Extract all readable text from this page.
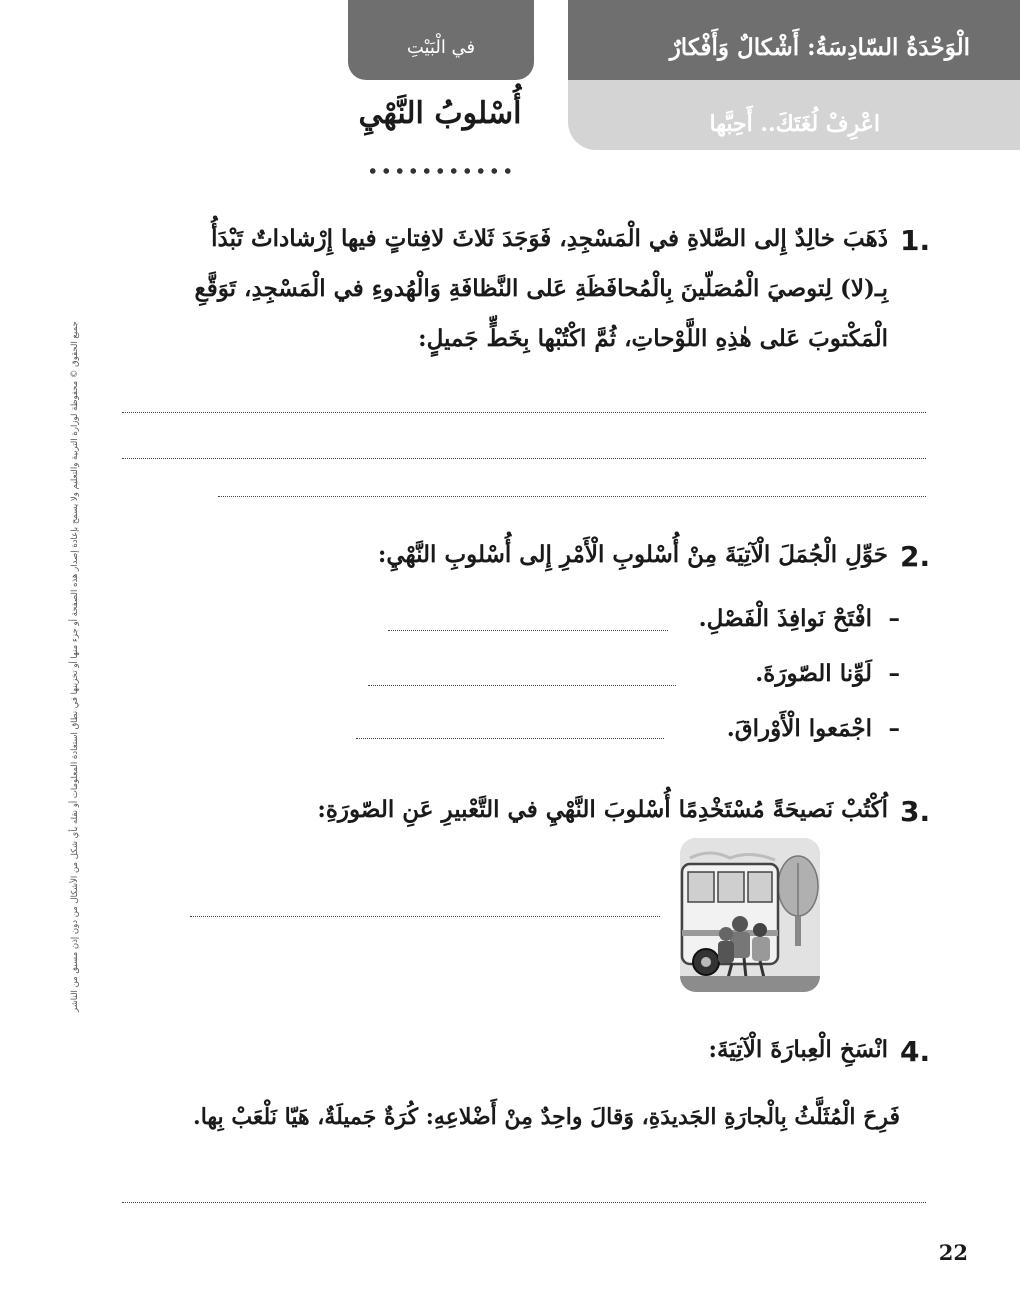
في الْبَيْتِ	الْوَحْدَةُ السّادِسَةُ: أَشْكالٌ وَأَفْكارٌ
اعْرِفْ لُغَتَكَ.. أَحِبَّها
أُسْلوبُ النَّهْيِ
1.
ذَهَبَ خالِدٌ إِلى الصَّلاةِ في الْمَسْجِدِ، فَوَجَدَ ثَلاثَ لافِتاتٍ فيها إِرْشاداتٌ تَبْدَأُ
بِـ(لا) لِتوصيَ الْمُصَلّينَ بِالْمُحافَظَةِ عَلى النَّظافَةِ وَالْهُدوءِ في الْمَسْجِدِ، تَوَقَّعِ
الْمَكْتوبَ عَلى هٰذِهِ اللَّوْحاتِ، ثُمَّ اكْتُبْها بِخَطٍّ جَميلٍ:
2.
حَوِّلِ الْجُمَلَ الْآتِيَةَ مِنْ أُسْلوبِ الْأَمْرِ إِلى أُسْلوبِ النَّهْيِ:
–افْتَحْ نَوافِذَ الْفَصْلِ.
–لَوِّنا الصّورَةَ.
–اجْمَعوا الْأَوْراقَ.
3.
اُكْتُبْ نَصيحَةً مُسْتَخْدِمًا أُسْلوبَ النَّهْيِ في التَّعْبيرِ عَنِ الصّورَةِ:
4.
انْسَخِ الْعِبارَةَ الْآتِيَةَ:
فَرِحَ الْمُثَلَّثُ بِالْجارَةِ الجَديدَةِ، وَقالَ واحِدٌ مِنْ أَضْلاعِهِ: كُرَةٌ جَميلَةٌ، هَيّا نَلْعَبْ بِها.
جميع الحقوق © محفوظة لوزارة التربية والتعليم ولا يسمح بإعادة إصدار هذه الصفحة أو جزء منها أو تخزينها في نطاق استعادة المعلومات أو نقله بأي شكل من الأشكال من دون إذن مسبق من الناشر
22
